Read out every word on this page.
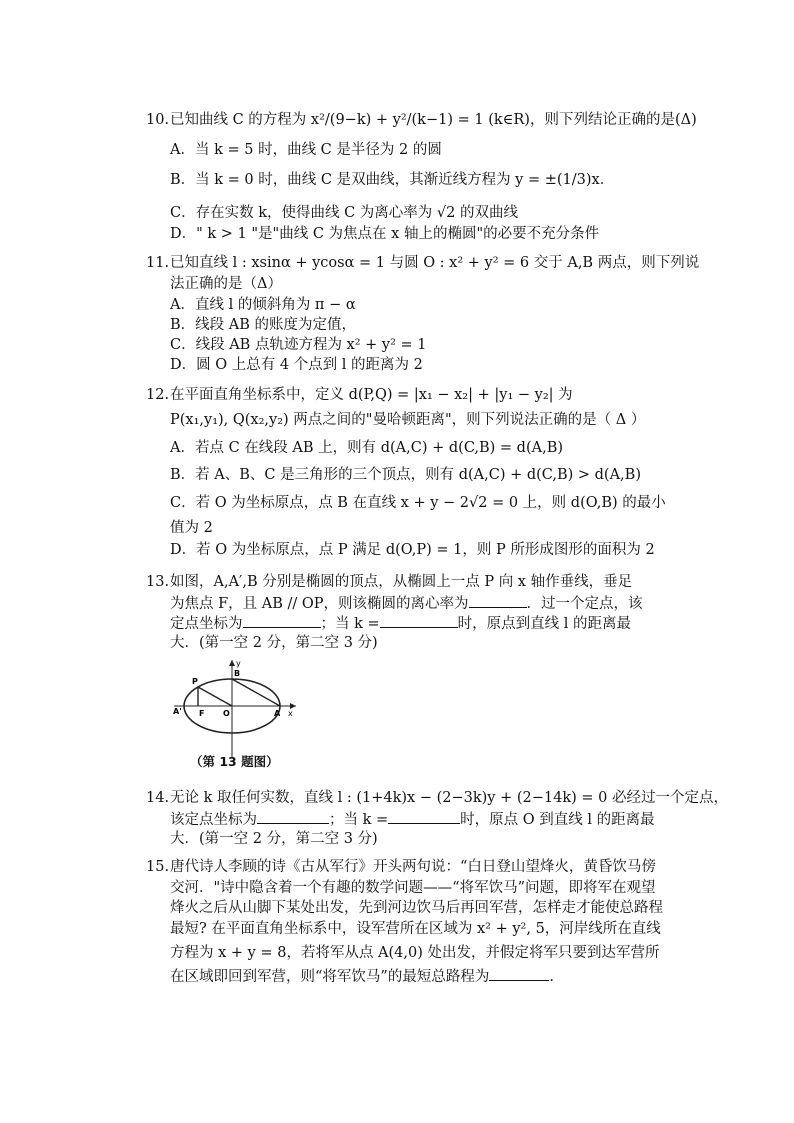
10. 已知曲线 C 的方程为 x²/(9−k) + y²/(k−1) = 1 (k∈R)，则下列结论正确的是(Δ)
A．当 k = 5 时，曲线 C 是半径为 2 的圆
B．当 k = 0 时，曲线 C 是双曲线，其渐近线方程为 y = ±(1/3)x．
C．存在实数 k，使得曲线 C 为离心率为 √2 的双曲线
D．" k > 1 "是"曲线 C 为焦点在 x 轴上的椭圆"的必要不充分条件
11. 已知直线 l : xsinα + ycosα = 1 与圆 O : x² + y² = 6 交于 A,B 两点，则下列说
法正确的是（Δ）
A．直线 l 的倾斜角为 π − α
B．线段 AB 的账度为定值，
C．线段 AB 点轨迹方程为 x² + y² = 1
D．圆 O 上总有 4 个点到 l 的距离为 2
12. 在平面直角坐标系中，定义 d(P,Q) = |x₁ − x₂| + |y₁ − y₂| 为
P(x₁,y₁), Q(x₂,y₂) 两点之间的"曼哈顿距离"，则下列说法正确的是（ Δ ）
A．若点 C 在线段 AB 上，则有 d(A,C) + d(C,B) = d(A,B)
B．若 A、B、C 是三角形的三个顶点，则有 d(A,C) + d(C,B) > d(A,B)
C．若 O 为坐标原点，点 B 在直线 x + y − 2√2 = 0 上，则 d(O,B) 的最小
值为 2
D．若 O 为坐标原点，点 P 满足 d(O,P) = 1，则 P 所形成图形的面积为 2
13. 如图，A,A′,B 分别是椭圆的顶点，从椭圆上一点 P 向 x 轴作垂线，垂足
为焦点 F，且 AB // OP，则该椭圆的离心率为	．过一个定点，该
定点坐标为	；当 k =	时，原点到直线 l 的距离最
大．(第一空 2 分，第二空 3 分)
y
x
P
B
A' F O	A
（第 13 题图）
14. 无论 k 取任何实数，直线 l : (1+4k)x − (2−3k)y + (2−14k) = 0 必经过一个定点，
该定点坐标为	；当 k =	时，原点 O 到直线 l 的距离最
大．(第一空 2 分，第二空 3 分)
15. 唐代诗人李顾的诗《古从军行》开头两句说：“白日登山望烽火，黄昏饮马傍
交河．"诗中隐含着一个有趣的数学问题——“将军饮马”问题，即将军在观望
烽火之后从山脚下某处出发，先到河边饮马后再回军营，怎样走才能使总路程
最短? 在平面直角坐标系中，设军营所在区域为 x² + y², 5，河岸线所在直线
方程为 x + y = 8，若将军从点 A(4,0) 处出发，并假定将军只要到达军营所
在区域即回到军营，则“将军饮马”的最短总路程为	.
